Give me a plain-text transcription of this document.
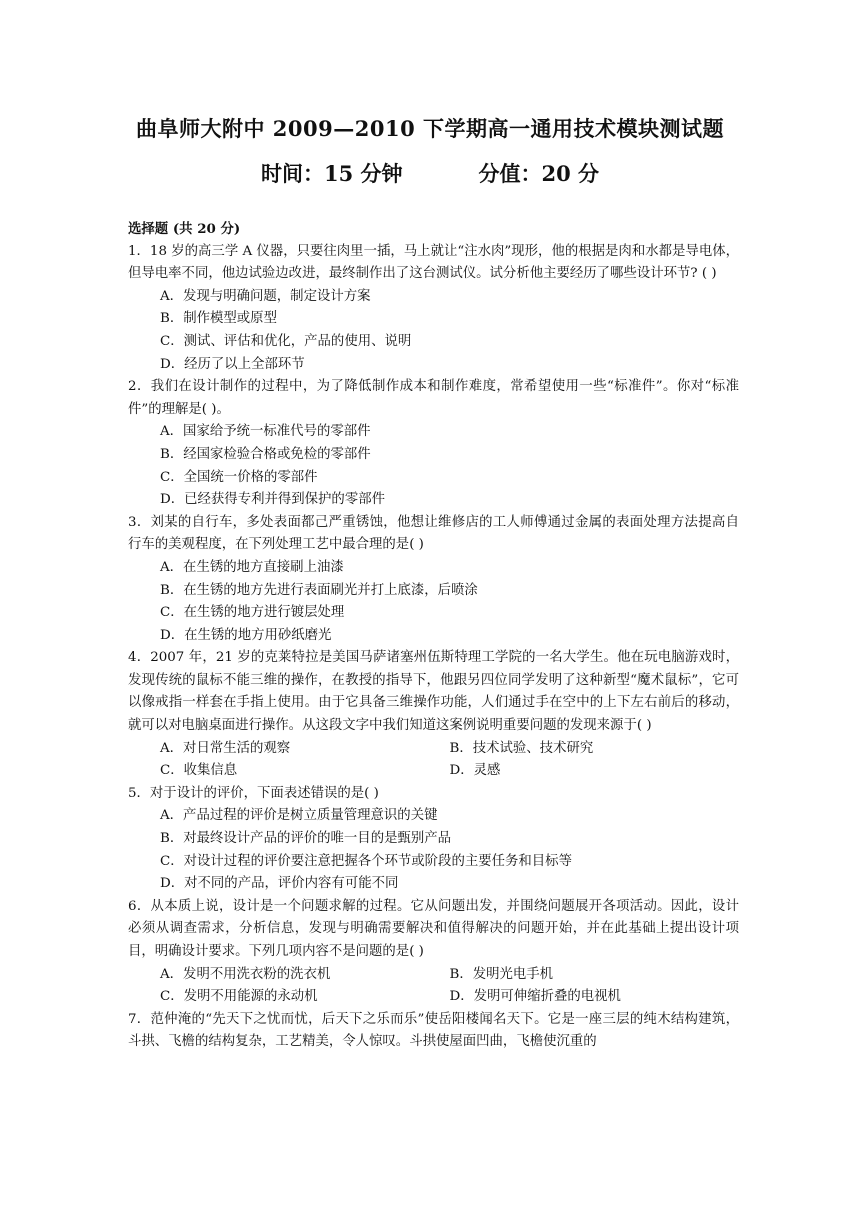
曲阜师大附中 2009—2010 下学期高一通用技术模块测试题
时间：15 分钟	分值：20 分
选择题 (共 20 分)

1．18 岁的高三学 A 仪器，只要往肉里一插，马上就让“注水肉”现形，他的根据是肉和水都是导电体，但导电率不同，他边试验边改进，最终制作出了这台测试仪。试分析他主要经历了哪些设计环节? ( )

A．发现与明确问题，制定设计方案

B．制作模型或原型

C．测试、评估和优化，产品的使用、说明

D．经历了以上全部环节

2．我们在设计制作的过程中，为了降低制作成本和制作难度，常希望使用一些“标准件”。你对“标准件”的理解是( )。

A．国家给予统一标准代号的零部件

B．经国家检验合格或免检的零部件

C．全国统一价格的零部件

D．已经获得专利并得到保护的零部件

3．刘某的自行车，多处表面都己严重锈蚀，他想让维修店的工人师傅通过金属的表面处理方法提高自行车的美观程度，在下列处理工艺中最合理的是( )

A．在生锈的地方直接刷上油漆

B．在生锈的地方先进行表面刷光并打上底漆，后喷涂

C．在生锈的地方进行镀层处理

D．在生锈的地方用砂纸磨光

4．2007 年，21 岁的克莱特拉是美国马萨诸塞州伍斯特理工学院的一名大学生。他在玩电脑游戏时，发现传统的鼠标不能三维的操作，在教授的指导下，他跟另四位同学发明了这种新型“魔术鼠标”，它可以像戒指一样套在手指上使用。由于它具备三维操作功能，人们通过手在空中的上下左右前后的移动，就可以对电脑桌面进行操作。从这段文字中我们知道这案例说明重要问题的发现来源于( )

A．对日常生活的观察	B．技术试验、技术研究
C．收集信息	D．灵感

5．对于设计的评价，下面表述错误的是( )

A．产品过程的评价是树立质量管理意识的关键

B．对最终设计产品的评价的唯一目的是甄别产品

C．对设计过程的评价要注意把握各个环节或阶段的主要任务和目标等

D．对不同的产品，评价内容有可能不同

6．从本质上说，设计是一个问题求解的过程。它从问题出发，并围绕问题展开各项活动。因此，设计必须从调查需求，分析信息，发现与明确需要解决和值得解决的问题开始，并在此基础上提出设计项目，明确设计要求。下列几项内容不是问题的是( )

A．发明不用洗衣粉的洗衣机	B．发明光电手机
C．发明不用能源的永动机	D．发明可伸缩折叠的电视机

7．范仲淹的“先天下之忧而忧，后天下之乐而乐”使岳阳楼闻名天下。它是一座三层的纯木结构建筑，斗拱、飞檐的结构复杂，工艺精美，令人惊叹。斗拱使屋面凹曲，飞檐使沉重的
